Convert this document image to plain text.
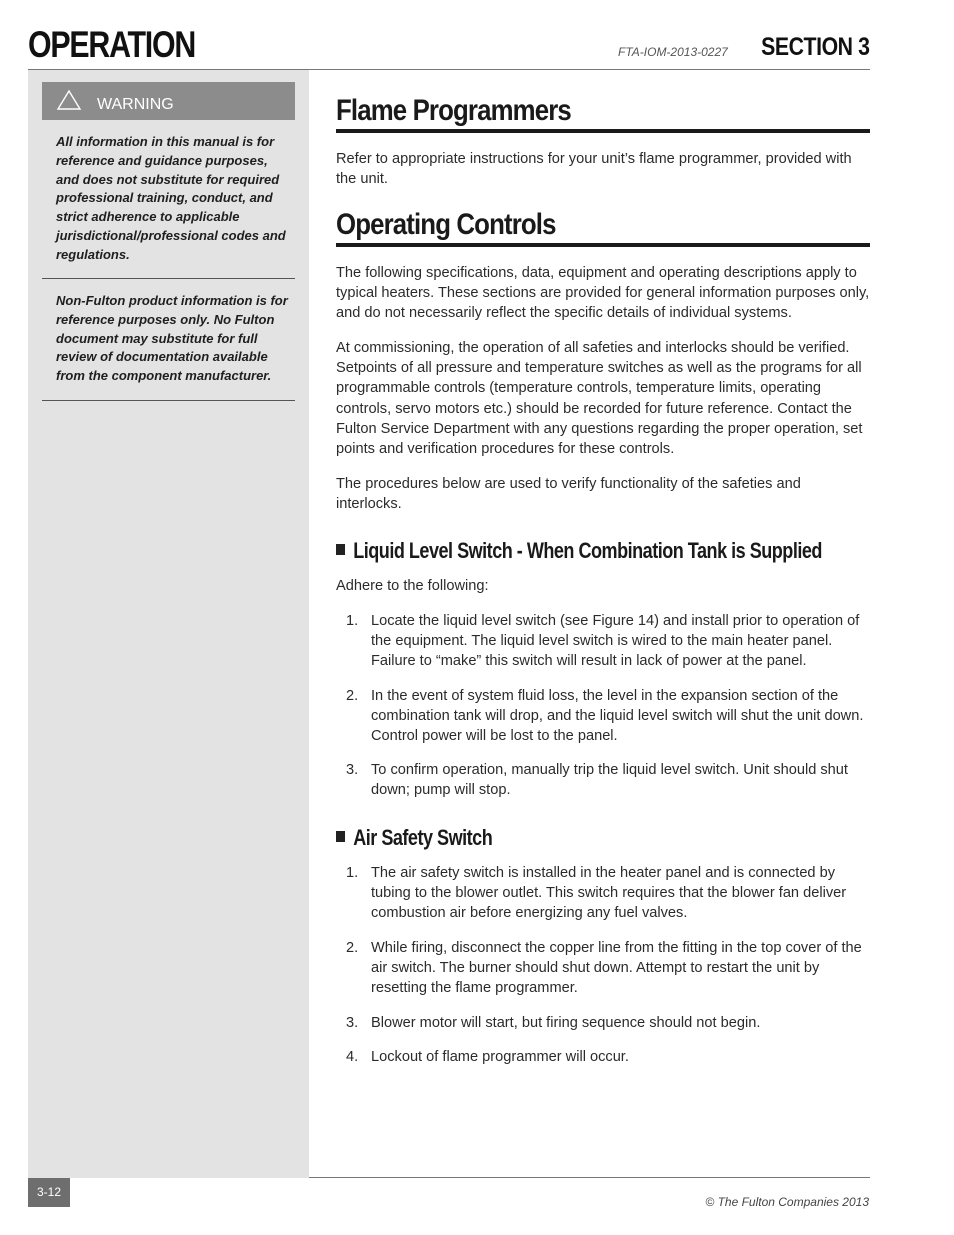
OPERATION	FTA-IOM-2013-0227 SECTION 3
WARNING
All information in this manual is for reference and guidance purposes, and does not substitute for required professional training, conduct, and strict adherence to applicable jurisdictional/professional codes and regulations.
Non-Fulton product information is for reference purposes only. No Fulton document may substitute for full review of documentation available from the component manufacturer.
Flame Programmers
Refer to appropriate instructions for your unit’s flame programmer, provided with the unit.
Operating Controls
The following specifications, data, equipment and operating descriptions apply to typical heaters. These sections are provided for general information purposes only, and do not necessarily reflect the specific details of individual systems.
At commissioning, the operation of all safeties and interlocks should be verified. Setpoints of all pressure and temperature switches as well as the programs for all programmable controls (temperature controls, temperature limits, operating controls, servo motors etc.) should be recorded for future reference. Contact the Fulton Service Department with any questions regarding the proper operation, set points and verification procedures for these controls.
The procedures below are used to verify functionality of the safeties and interlocks.
Liquid Level Switch - When Combination Tank is Supplied
Adhere to the following:
1. Locate the liquid level switch (see Figure 14) and install prior to operation of the equipment. The liquid level switch is wired to the main heater panel. Failure to “make” this switch will result in lack of power at the panel.
2. In the event of system fluid loss, the level in the expansion section of the combination tank will drop, and the liquid level switch will shut the unit down. Control power will be lost to the panel.
3. To confirm operation, manually trip the liquid level switch. Unit should shut down; pump will stop.
Air Safety Switch
1. The air safety switch is installed in the heater panel and is connected by tubing to the blower outlet. This switch requires that the blower fan deliver combustion air before energizing any fuel valves.
2. While firing, disconnect the copper line from the fitting in the top cover of the air switch. The burner should shut down. Attempt to restart the unit by resetting the flame programmer.
3. Blower motor will start, but firing sequence should not begin.
4. Lockout of flame programmer will occur.
3-12
© The Fulton Companies 2013
